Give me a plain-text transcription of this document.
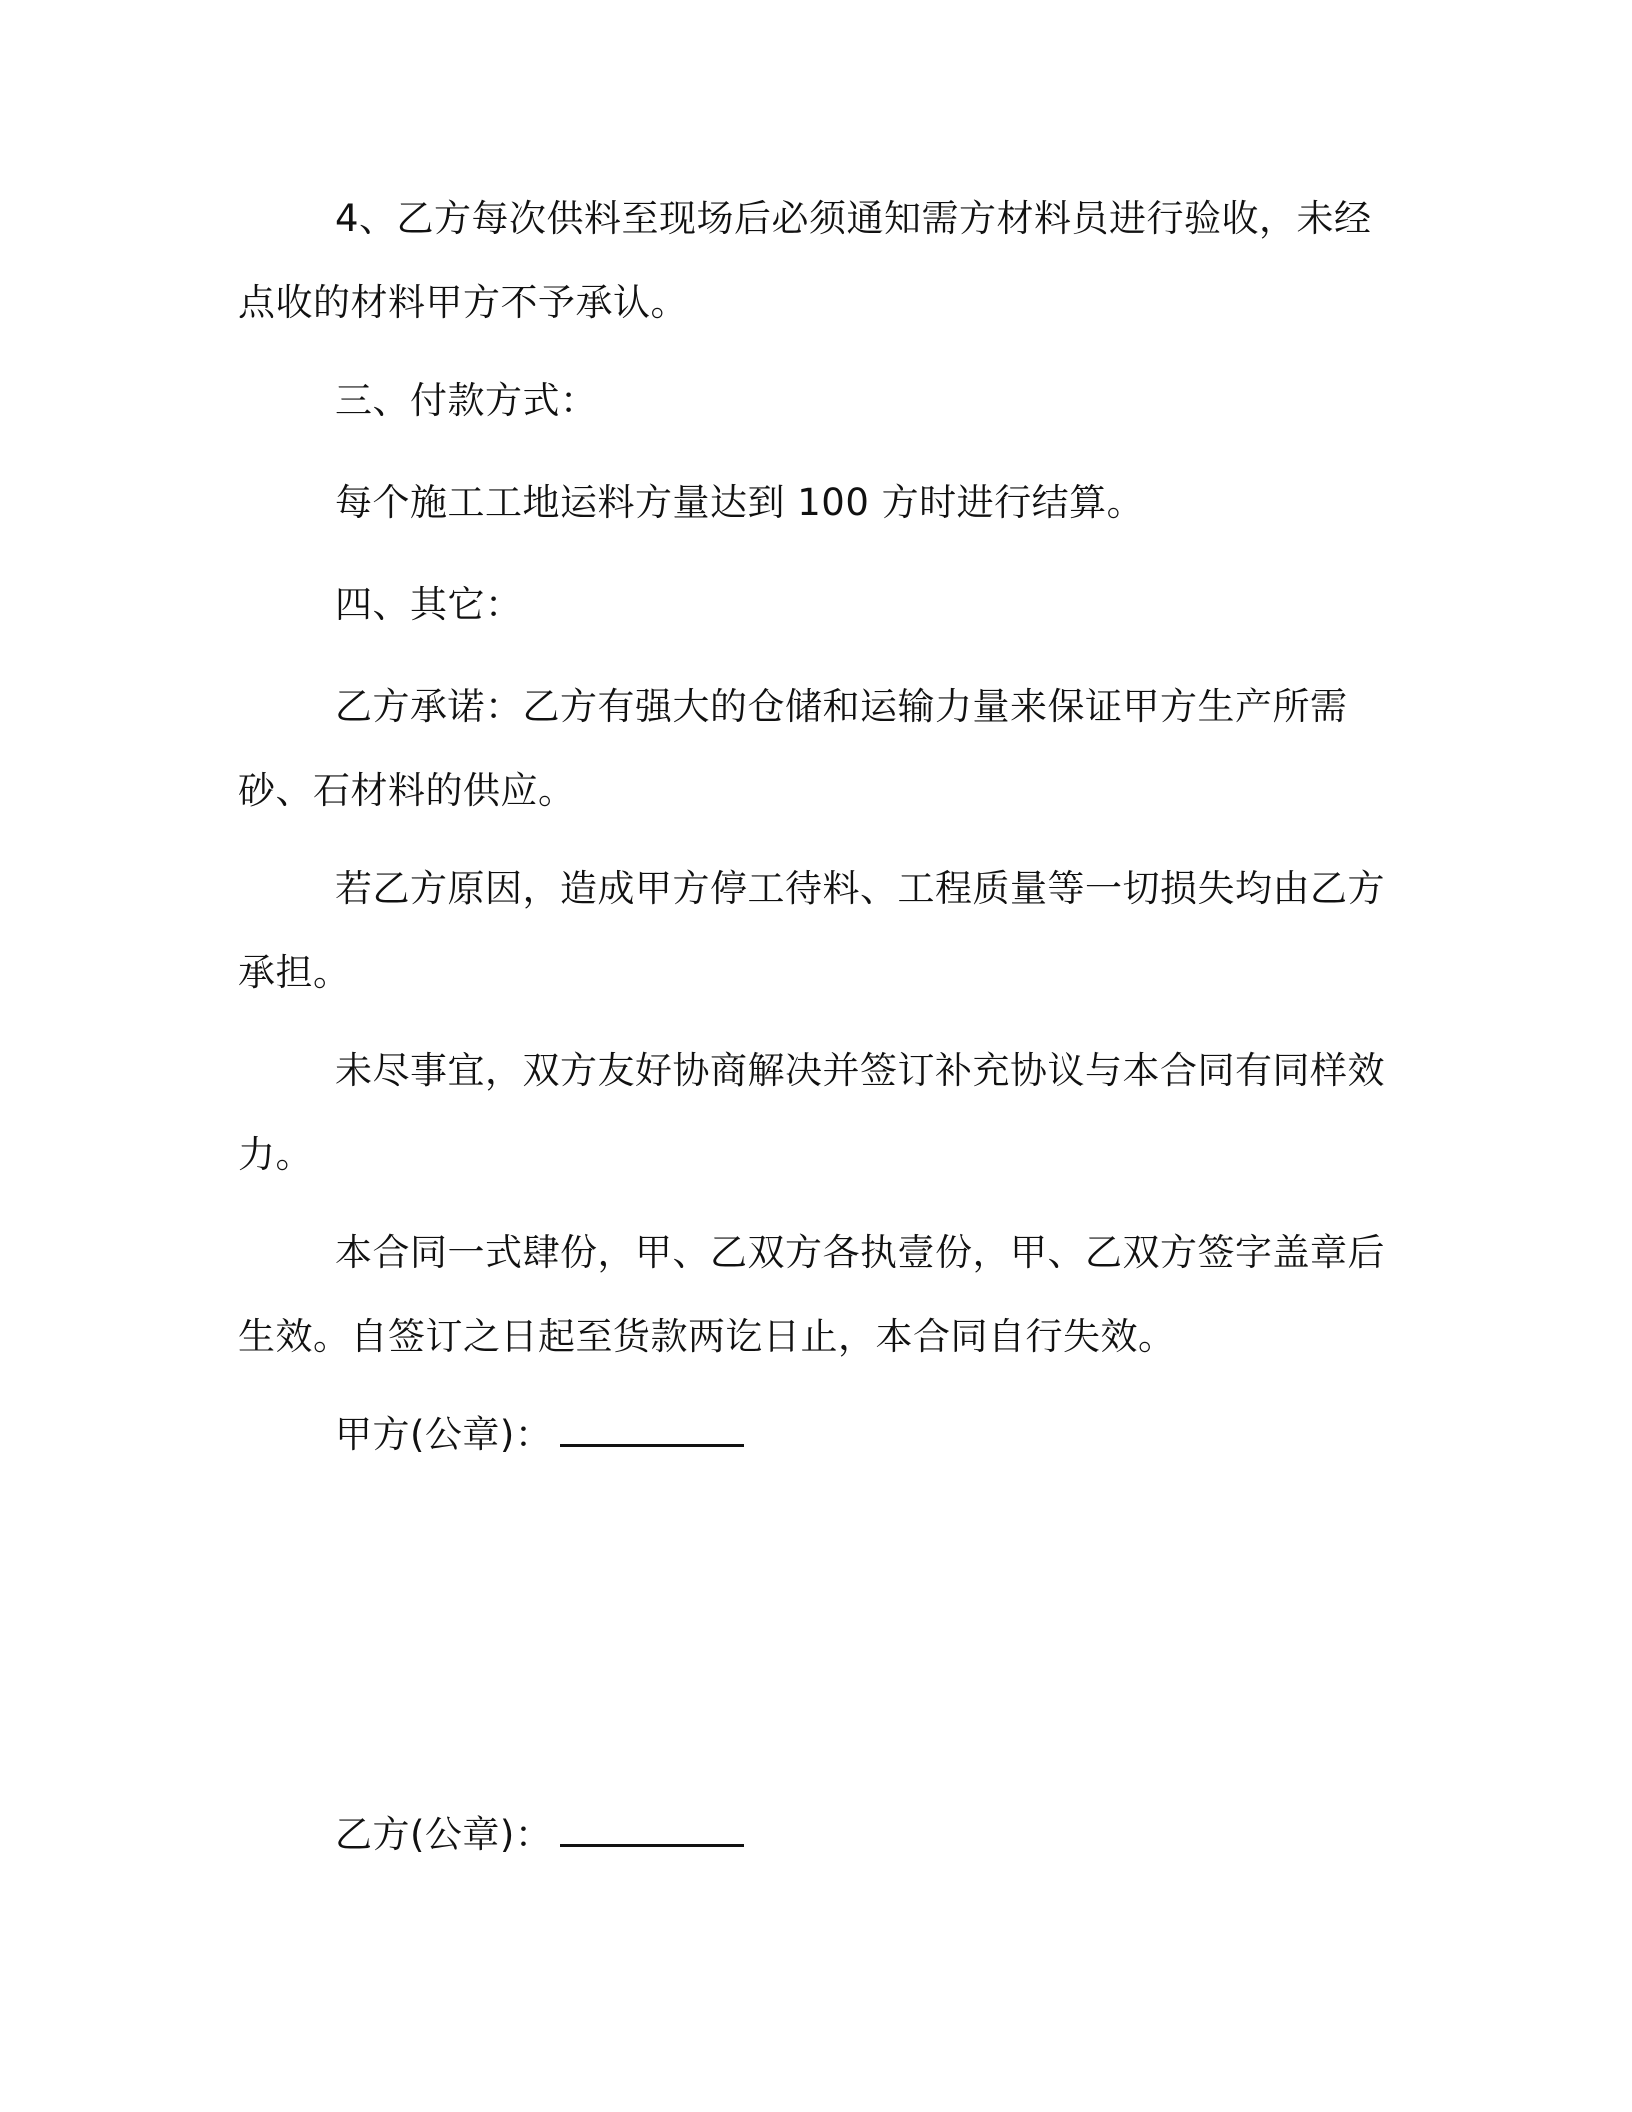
4、乙方每次供料至现场后必须通知需方材料员进行验收，未经点收的材料甲方不予承认。

三、付款方式：

每个施工工地运料方量达到 100 方时进行结算。

四、其它：

乙方承诺：乙方有强大的仓储和运输力量来保证甲方生产所需砂、石材料的供应。

若乙方原因，造成甲方停工待料、工程质量等一切损失均由乙方承担。

未尽事宜，双方友好协商解决并签订补充协议与本合同有同样效力。

本合同一式肆份，甲、乙双方各执壹份，甲、乙双方签字盖章后生效。自签订之日起至货款两讫日止，本合同自行失效。

甲方(公章)：
乙方(公章)：
